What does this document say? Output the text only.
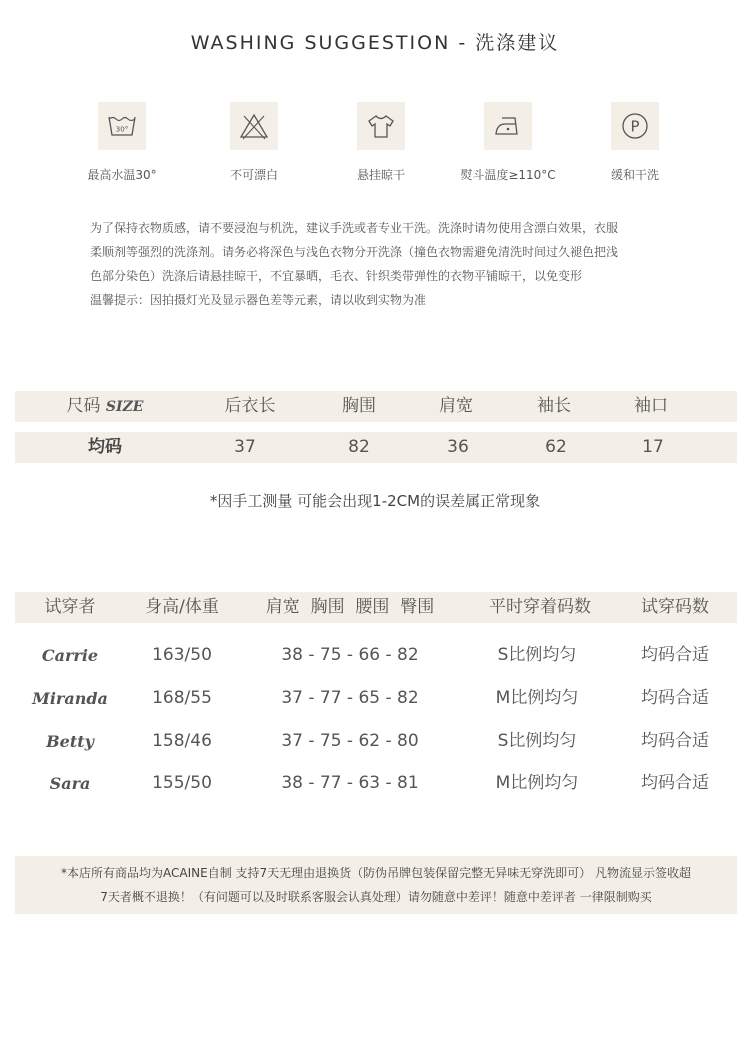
WASHING SUGGESTION - 洗涤建议
30°
最高水温30°	不可漂白	悬挂晾干	熨斗温度≥110°C
P
缓和干洗

为了保持衣物质感，请不要浸泡与机洗，建议手洗或者专业干洗。洗涤时请勿使用含漂白效果，衣服

柔顺剂等强烈的洗涤剂。请务必将深色与浅色衣物分开洗涤（撞色衣物需避免清洗时间过久褪色把浅

色部分染色）洗涤后请悬挂晾干，不宜暴晒，毛衣、针织类带弹性的衣物平铺晾干，以免变形

温馨提示：因拍摄灯光及显示器色差等元素，请以收到实物为准

尺码 SIZE	后衣长	胸围	肩宽	袖长	袖口
均码	37	82	36	62	17
*因手工测量 可能会出现1-2CM的误差属正常现象
试穿者	身高/体重	肩宽  胸围  腰围  臀围	平时穿着码数	试穿码数
Carrie	163/50	38 - 75 - 66 - 82	S比例均匀	均码合适
Miranda	168/55	37 - 77 - 65 - 82	M比例均匀	均码合适
Betty	158/46	37 - 75 - 62 - 80	S比例均匀	均码合适
Sara	155/50	38 - 77 - 63 - 81	M比例均匀	均码合适

*本店所有商品均为ACAINE自制 支持7天无理由退换货（防伪吊牌包装保留完整无异味无穿洗即可） 凡物流显示签收超

7天者概不退换！（有问题可以及时联系客服会认真处理）请勿随意中差评！随意中差评者 一律限制购买
